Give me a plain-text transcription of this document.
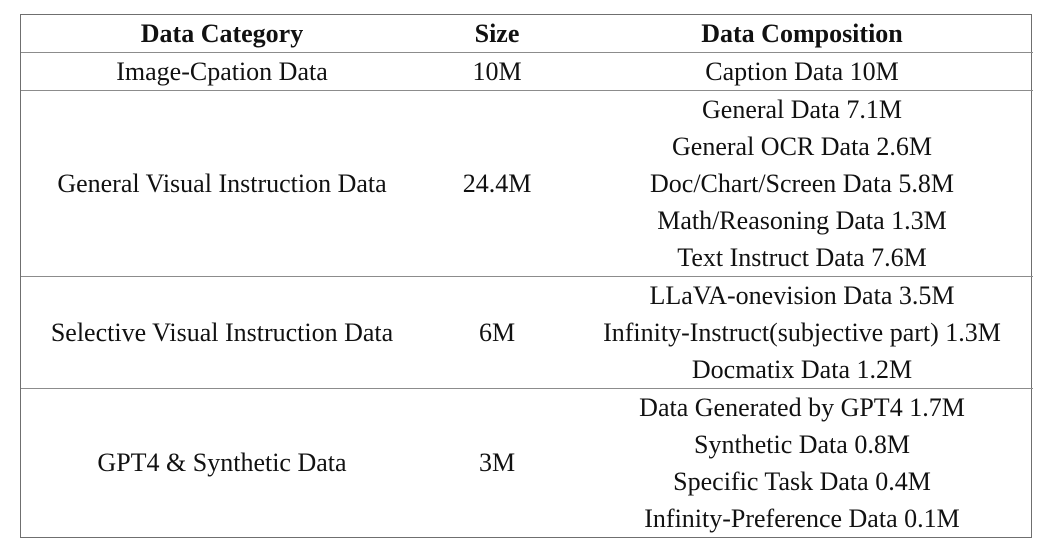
Data Category	Size	Data Composition
Image-Cpation Data	10M	Caption Data 10M

General Visual Instruction Data	24.4M	General Data 7.1M
General OCR Data 2.6M
Doc/Chart/Screen Data 5.8M
Math/Reasoning Data 1.3M
Text Instruct Data 7.6M

Selective Visual Instruction Data	6M	LLaVA-onevision Data 3.5M
Infinity-Instruct(subjective part) 1.3M
Docmatix Data 1.2M

GPT4 & Synthetic Data	3M	Data Generated by GPT4 1.7M
Synthetic Data 0.8M
Specific Task Data 0.4M
Infinity-Preference Data 0.1M
